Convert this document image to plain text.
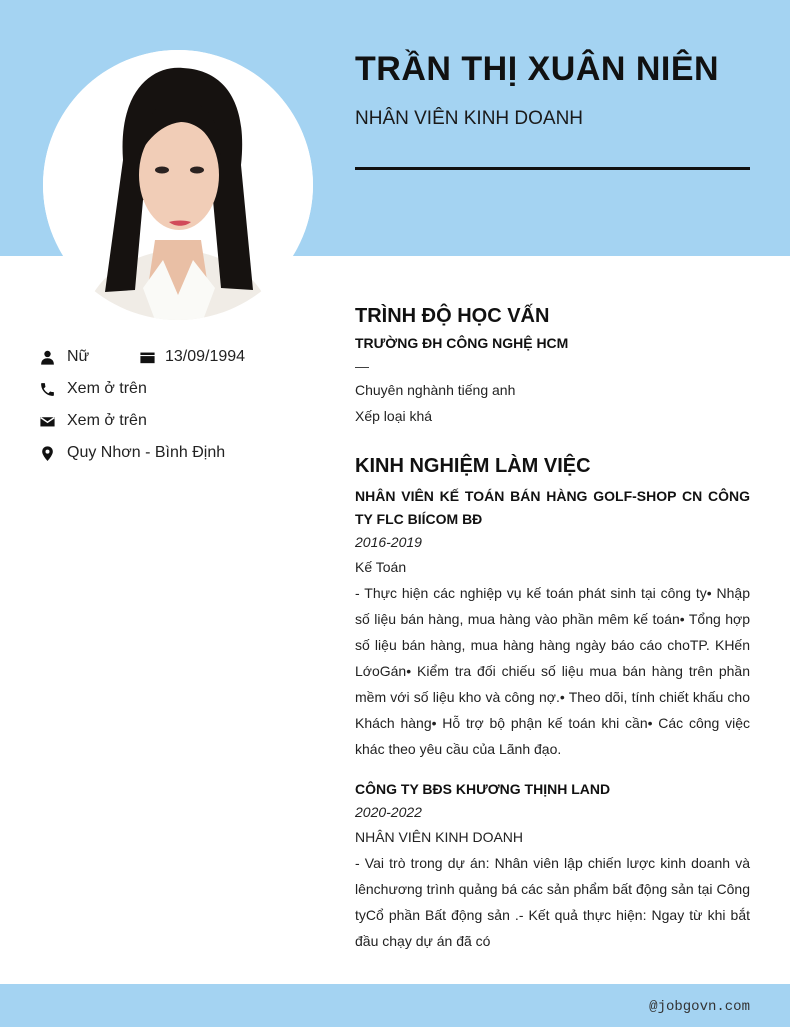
TRẦN THỊ XUÂN NIÊN
NHÂN VIÊN KINH DOANH
Nữ	13/09/1994
Xem ở trên
Xem ở trên
Quy Nhơn - Bình Định
TRÌNH ĐỘ HỌC VẤN
TRƯỜNG ĐH CÔNG NGHỆ HCM
—
Chuyên nghành tiếng anh
Xếp loại khá
KINH NGHIỆM LÀM VIỆC
NHÂN VIÊN KẾ TOÁN BÁN HÀNG GOLF-SHOP CN CÔNG TY FLC BIÍCOM BĐ
2016-2019
Kế Toán
- Thực hiện các nghiệp vụ kế toán phát sinh tại công ty• Nhập số liệu bán hàng, mua hàng vào phần mêm kế toán• Tổng hợp số liệu bán hàng, mua hàng hàng ngày báo cáo choTP. KHến LớoGán• Kiểm tra đối chiếu số liệu mua bán hàng trên phần mềm với số liệu kho và công nợ.• Theo dõi, tính chiết khấu cho Khách hàng• Hỗ trợ bộ phận kế toán khi cần• Các công việc khác theo yêu cầu của Lãnh đạo.
CÔNG TY BĐS KHƯƠNG THỊNH LAND
2020-2022
NHÂN VIÊN KINH DOANH
- Vai trò trong dự án: Nhân viên lập chiến lược kinh doanh và lênchương trình quảng bá các sản phẩm bất động sản tại Công tyCổ phần Bất động sản .- Kết quả thực hiện: Ngay từ khi bắt đầu chạy dự án đã có
@jobgovn.com
